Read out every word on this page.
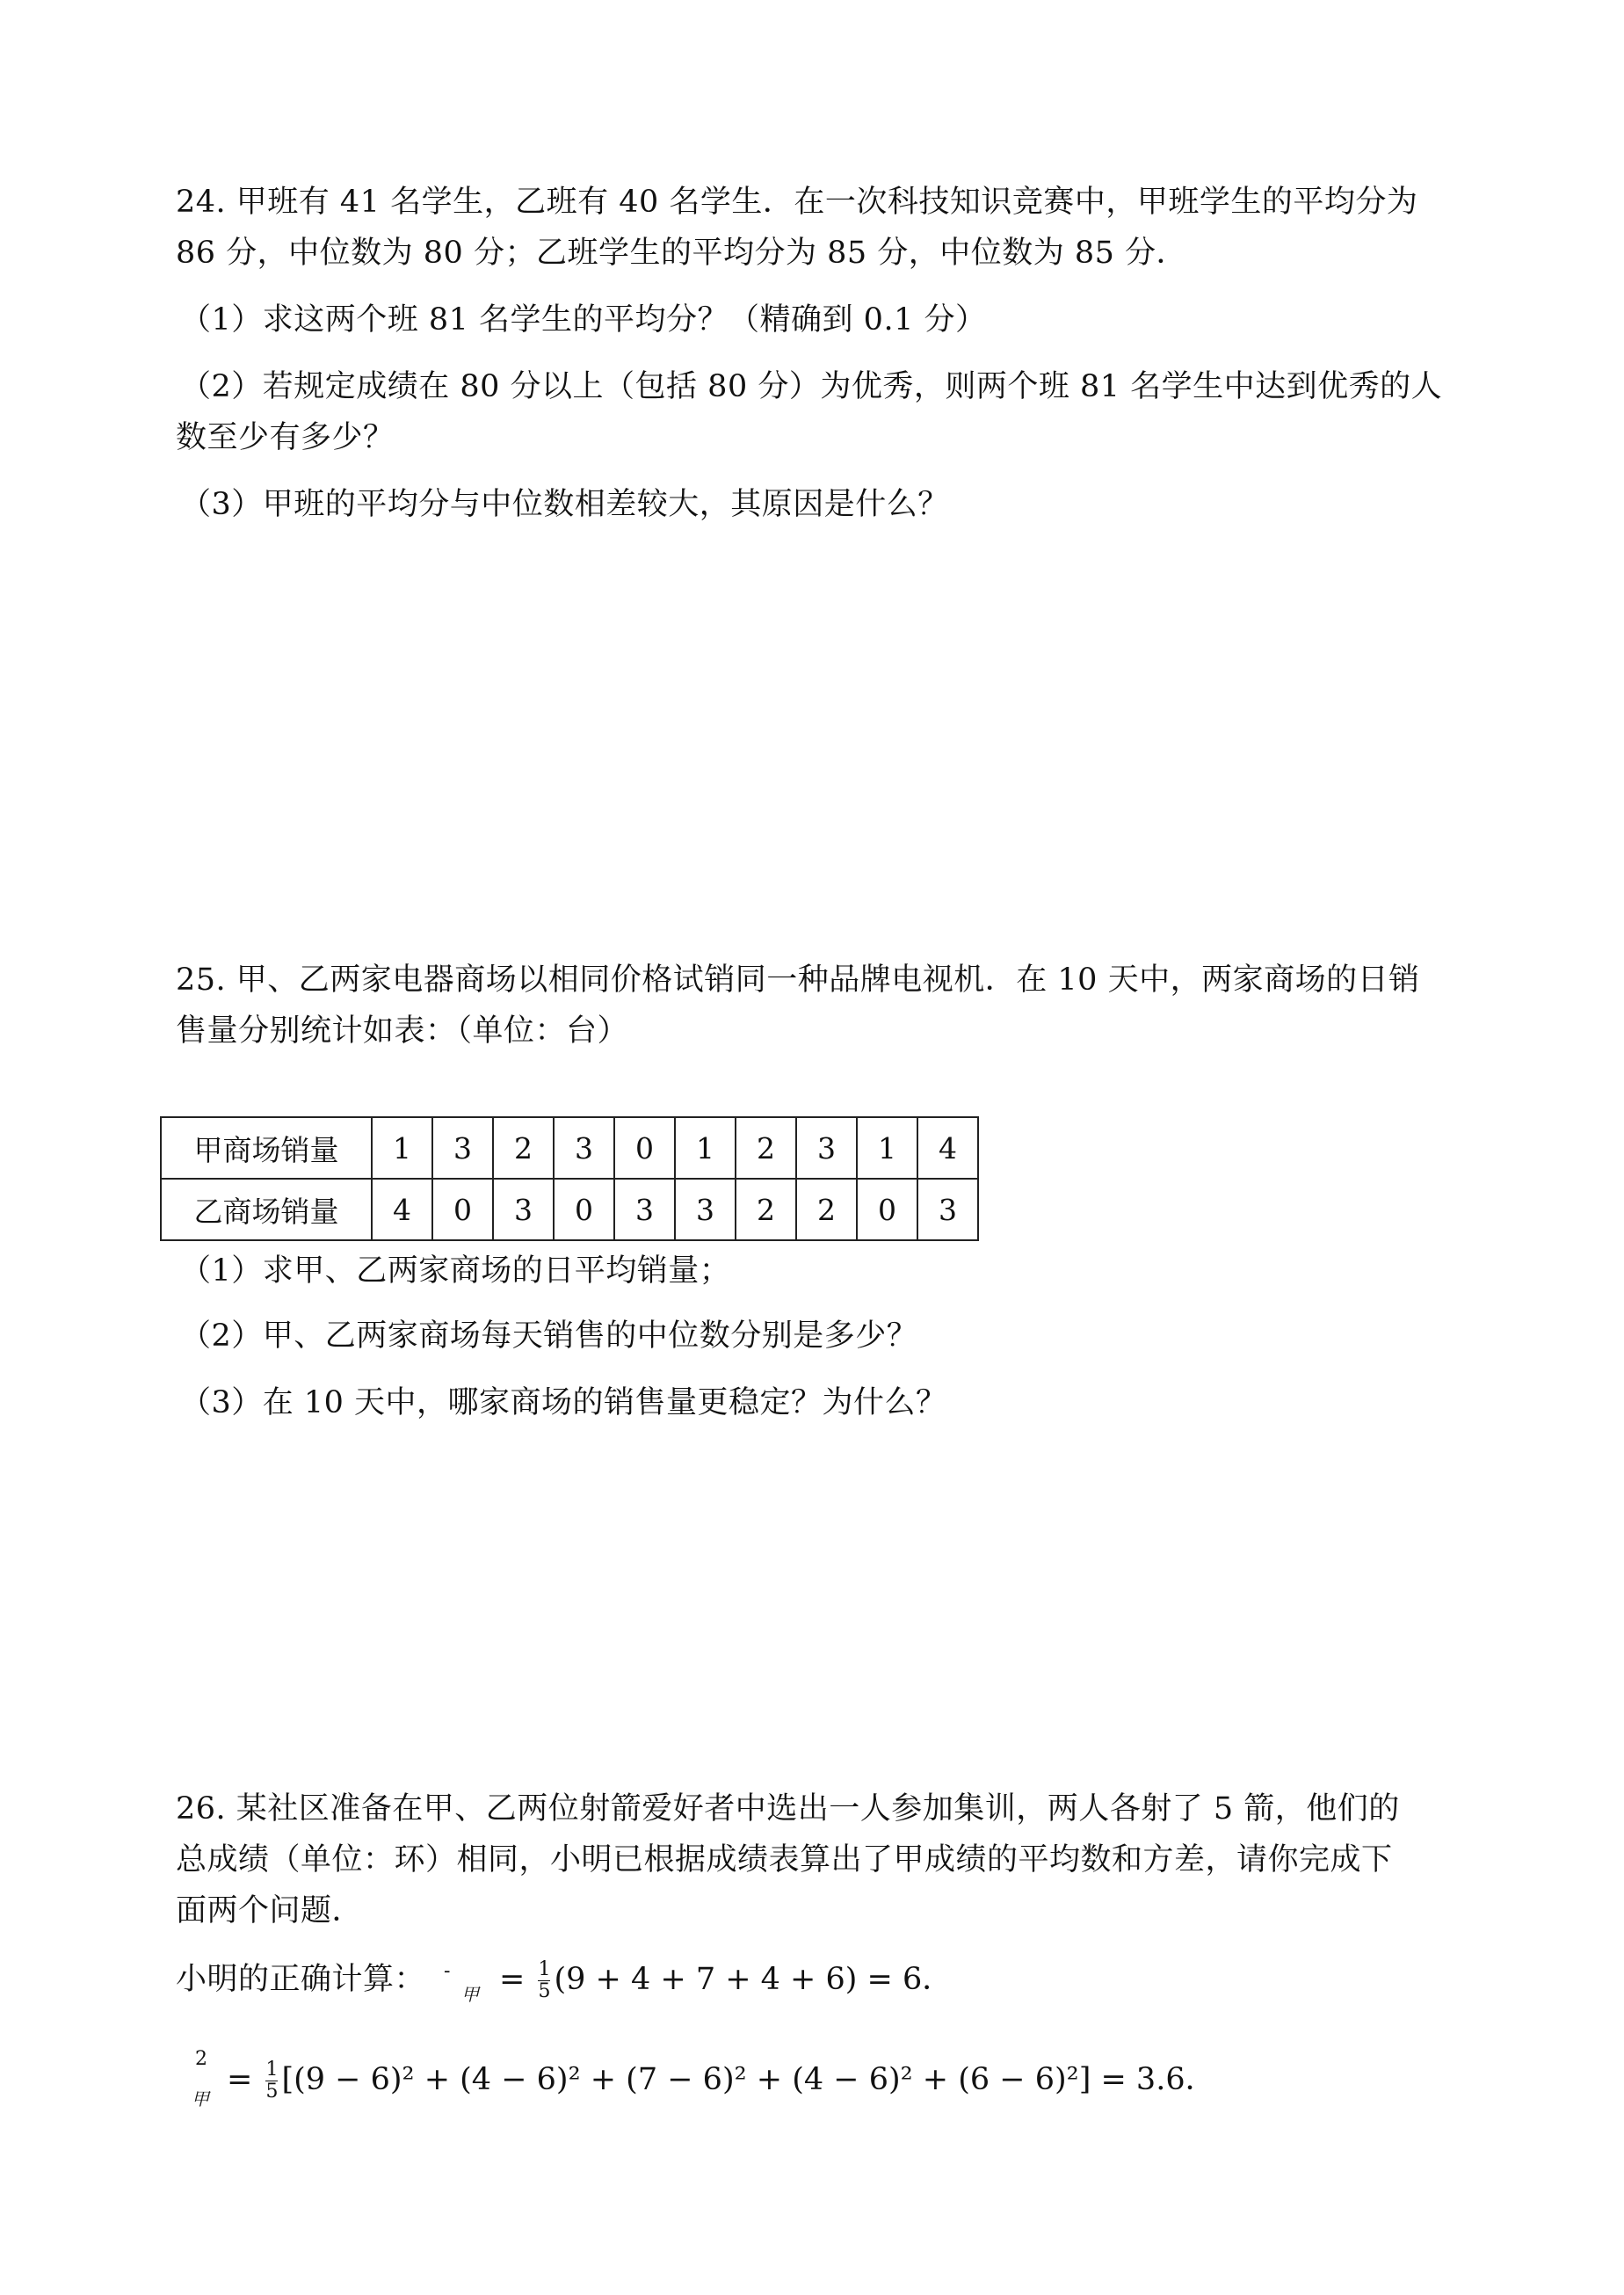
24. 甲班有 41 名学生，乙班有 40 名学生．在一次科技知识竞赛中，甲班学生的平均分为
86 分，中位数为 80 分；乙班学生的平均分为 85 分，中位数为 85 分．
（1）求这两个班 81 名学生的平均分？（精确到 0.1 分）
（2）若规定成绩在 80 分以上（包括 80 分）为优秀，则两个班 81 名学生中达到优秀的人
数至少有多少？
（3）甲班的平均分与中位数相差较大，其原因是什么？
25. 甲、乙两家电器商场以相同价格试销同一种品牌电视机．在 10 天中，两家商场的日销
售量分别统计如表：（单位：台）
甲商场销量	1	3	2	3	0	1	2	3	1	4
乙商场销量	4	0	3	0	3	3	2	2	0	3
（1）求甲、乙两家商场的日平均销量；
（2）甲、乙两家商场每天销售的中位数分别是多少？
（3）在 10 天中，哪家商场的销售量更稳定？为什么？
26. 某社区准备在甲、乙两位射箭爱好者中选出一人参加集训，两人各射了 5 箭，他们的
总成绩（单位：环）相同，小明已根据成绩表算出了甲成绩的平均数和方差，请你完成下
面两个问题．
小明的正确计算： -
甲 = $\frac{1}{5} (9 + 4 + 7 + 4 + 6) = 6$．
2
甲
= $\frac{1}{5} [(9 - 6)^2 + (4 - 6)^2 + (7 - 6)^2 + (4 - 6)^2 + (6 - 6)^2] = 3.6$．
